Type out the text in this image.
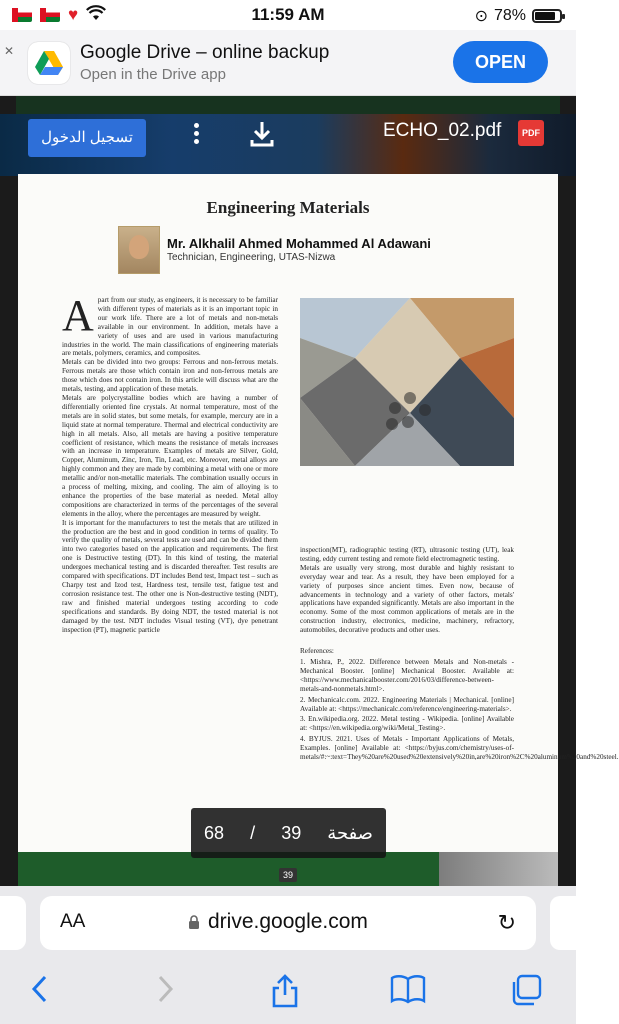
♥	11:59 AM	⊙ 78%
✕	Google Drive – online backup
Open in the Drive app
OPEN
تسجيل الدخول	ECHO_02.pdf	PDF
Engineering Materials
Mr. Alkhalil Ahmed Mohammed Al Adawani
Technician, Engineering, UTAS-Nizwa
A part from our study, as engineers, it is necessary to be familiar with different types of materials as it is an important topic in our work life. There are a lot of metals and non-metals available in our environment. In addition, metals have a variety of uses and are used in various manufacturing industries in the world. The main classifications of engineering materials are metals, polymers, ceramics, and composites.

Metals can be divided into two groups: Ferrous and non-ferrous metals. Ferrous metals are those which contain iron and non-ferrous metals are those which does not contain iron. In this article will discuss what are the metals, testing, and application of these metals.

Metals are polycrystalline bodies which are having a number of differentially oriented fine crystals. At normal temperature, most of the metals are in solid states, but some metals, for example, mercury are in a liquid state at normal temperature. Thermal and electrical conductivity are high in all metals. Also, all metals are having a positive temperature coefficient of resistance, which means the resistance of metals increases with an increase in temperature. Examples of metals are Silver, Gold, Copper, Aluminum, Zinc, Iron, Tin, Lead, etc. Moreover, metal alloys are highly common and they are made by combining a metal with one or more metallic and/or non-metallic materials. The combination usually occurs in a process of melting, mixing, and cooling. The aim of alloying is to enhance the properties of the base material as needed. Metal alloy compositions are characterized in terms of the percentages of the several elements in the alloy, where the percentages are measured by weight.

It is important for the manufacturers to test the metals that are utilized in the production are the best and in good condition in terms of quality. To verify the quality of metals, several tests are used and can be divided them into two categories based on the application and requirements. The first one is Destructive testing (DT). In this kind of testing, the material undergoes mechanical testing and is discarded thereafter. Test results are compared with specifications. DT includes Bend test, Impact test – such as Charpy test and Izod test, Hardness test, tensile test, fatigue test and corrosion resistance test. The other one is Non-destructive testing (NDT), raw and finished material undergoes testing according to code specifications and standards. By doing NDT, the tested material is not damaged by the test. NDT includes Visual testing (VT), dye penetrant inspection (PT), magnetic particle

inspection(MT), radiographic testing (RT), ultrasonic testing (UT), leak testing, eddy current testing and remote field electromagnetic testing.

Metals are usually very strong, most durable and highly resistant to everyday wear and tear. As a result, they have been employed for a variety of purposes since ancient times. Even now, because of advancements in technology and a variety of other factors, metals' applications have expanded significantly. Metals are also important in the economy. Some of the most common applications of metals are in the construction industry, electronics, medicine, machinery, refractory, automobiles, decorative products and other uses.

References:

1. Mishra, P., 2022. Difference between Metals and Non-metals - Mechanical Booster. [online] Mechanical Booster. Available at: <https://www.mechanicalbooster.com/2016/03/difference-between-metals-and-nonmetals.html>.

2. Mechanicalc.com. 2022. Engineering Materials | Mechanical. [online] Available at: <https://mechanicalc.com/reference/engineering-materials>.

3. En.wikipedia.org. 2022. Metal testing - Wikipedia. [online] Available at: <https://en.wikipedia.org/wiki/Metal_Testing>.

4. BYJUS. 2021. Uses of Metals - Important Applications of Metals, Examples. [online] Available at: <https://byjus.com/chemistry/uses-of-metals/#:~:text=They%20are%20used%20extensively%20in,are%20iron%2C%20aluminum%20and%20steel.

68 / 39 صفحة
39
AA	drive.google.com	↻
